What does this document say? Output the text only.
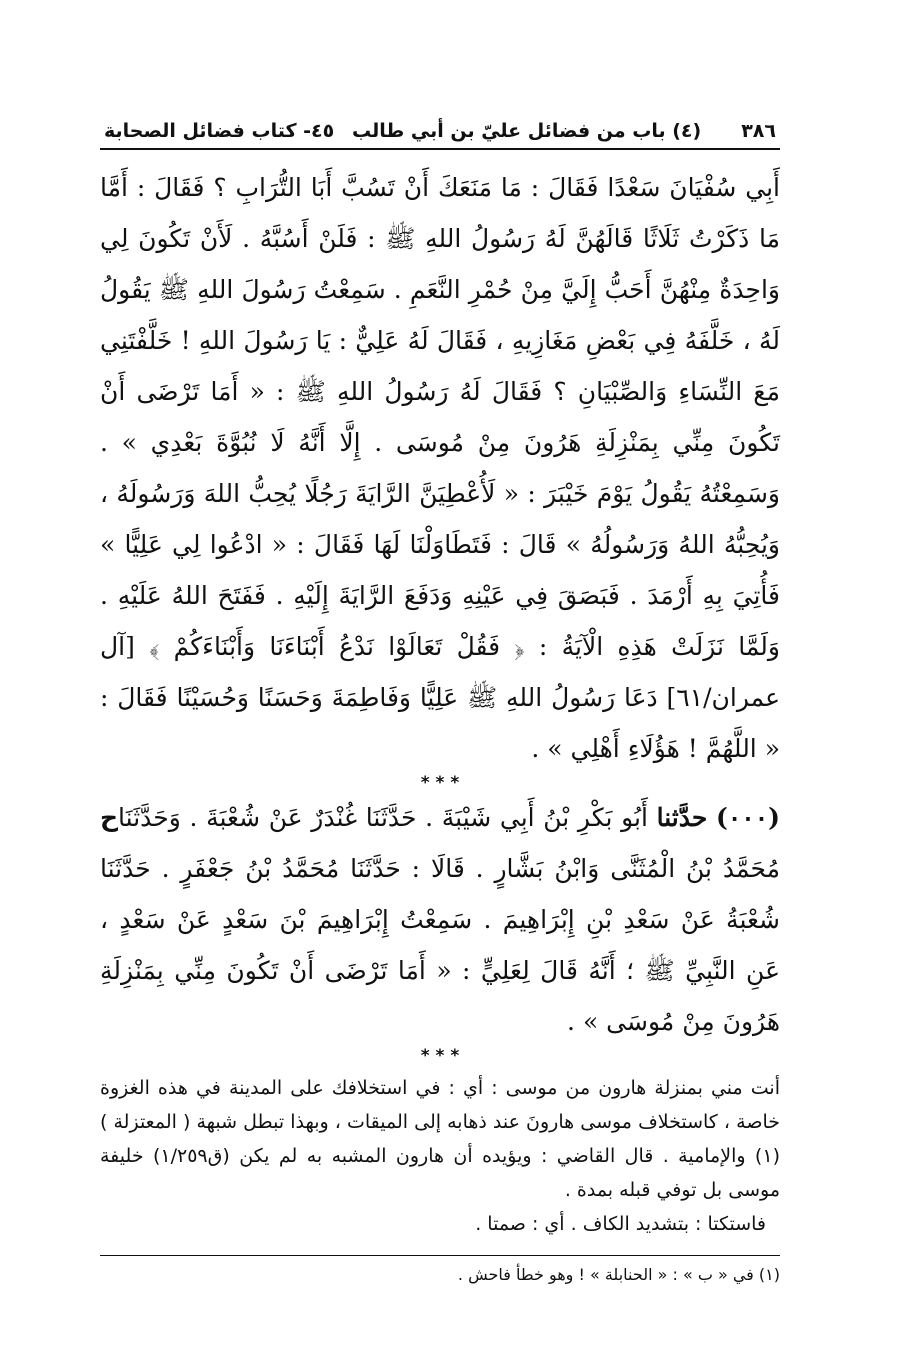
٣٨٦
(٤) باب من فضائل عليّ بن أبي طالب
٤٥- كتاب فضائل الصحابة

أَبِي سُفْيَانَ سَعْدًا فَقَالَ : مَا مَنَعَكَ أَنْ تَسُبَّ أَبَا التُّرَابِ ؟ فَقَالَ : أَمَّا مَا ذَكَرْتُ ثَلَاثًا قَالَهُنَّ لَهُ رَسُولُ اللهِ ﷺ : فَلَنْ أَسُبَّهُ . لَأَنْ تَكُونَ لِي وَاحِدَةٌ مِنْهُنَّ أَحَبُّ إِلَيَّ مِنْ حُمْرِ النَّعَمِ . سَمِعْتُ رَسُولَ اللهِ ﷺ يَقُولُ لَهُ ، خَلَّفَهُ فِي بَعْضِ مَغَازِيهِ ، فَقَالَ لَهُ عَلِيٌّ : يَا رَسُولَ اللهِ ! خَلَّفْتَنِي مَعَ النِّسَاءِ وَالصِّبْيَانِ ؟ فَقَالَ لَهُ رَسُولُ اللهِ ﷺ : « أَمَا تَرْضَى أَنْ تَكُونَ مِنِّي بِمَنْزِلَةِ هَرُونَ مِنْ مُوسَى . إِلَّا أَنَّهُ لَا نُبُوَّةَ بَعْدِي » . وَسَمِعْتُهُ يَقُولُ يَوْمَ خَيْبَرَ : « لَأُعْطِيَنَّ الرَّايَةَ رَجُلًا يُحِبُّ اللهَ وَرَسُولَهُ ، وَيُحِبُّهُ اللهُ وَرَسُولُهُ » قَالَ : فَتَطَاوَلْنَا لَهَا فَقَالَ : « ادْعُوا لِي عَلِيًّا » فَأُتِيَ بِهِ أَرْمَدَ . فَبَصَقَ فِي عَيْنِهِ وَدَفَعَ الرَّايَةَ إِلَيْهِ . فَفَتَحَ اللهُ عَلَيْهِ . وَلَمَّا نَزَلَتْ هَذِهِ الْآيَةُ : ﴿ فَقُلْ تَعَالَوْا نَدْعُ أَبْنَاءَنَا وَأَبْنَاءَكُمْ ﴾ [آل عمران/٦١] دَعَا رَسُولُ اللهِ ﷺ عَلِيًّا وَفَاطِمَةَ وَحَسَنًا وَحُسَيْنًا فَقَالَ : « اللَّهُمَّ ! هَؤُلَاءِ أَهْلِي » .

* * *

ح	(٠٠٠) حدَّثنا أَبُو بَكْرِ بْنُ أَبِي شَيْبَةَ . حَدَّثَنَا غُنْدَرٌ عَنْ شُعْبَةَ . وَحَدَّثَنَا مُحَمَّدُ بْنُ الْمُثَنَّى وَابْنُ بَشَّارٍ . قَالَا : حَدَّثَنَا مُحَمَّدُ بْنُ جَعْفَرٍ . حَدَّثَنَا شُعْبَةُ عَنْ سَعْدِ بْنِ إِبْرَاهِيمَ . سَمِعْتُ إِبْرَاهِيمَ بْنَ سَعْدٍ عَنْ سَعْدٍ ، عَنِ النَّبِيِّ ﷺ ؛ أَنَّهُ قَالَ لِعَلِيٍّ : « أَمَا تَرْضَى أَنْ تَكُونَ مِنِّي بِمَنْزِلَةِ هَرُونَ مِنْ مُوسَى » .

* * *

أنت مني بمنزلة هارون من موسى : أي : في استخلافك على المدينة في هذه الغزوة خاصة ، كاستخلاف موسى هارونَ عند ذهابه إلى الميقات ، وبهذا تبطل شبهة ( المعتزلة )(١) والإمامية . قال القاضي : ويؤيده أن هارون المشبه به لم يكن (ق١/٢٥٩) خليفة موسى بل توفي قبله بمدة .

فاستكتا : بتشديد الكاف . أي : صمتا .

(١) في « ب » : « الحنابلة » ! وهو خطأ فاحش .
